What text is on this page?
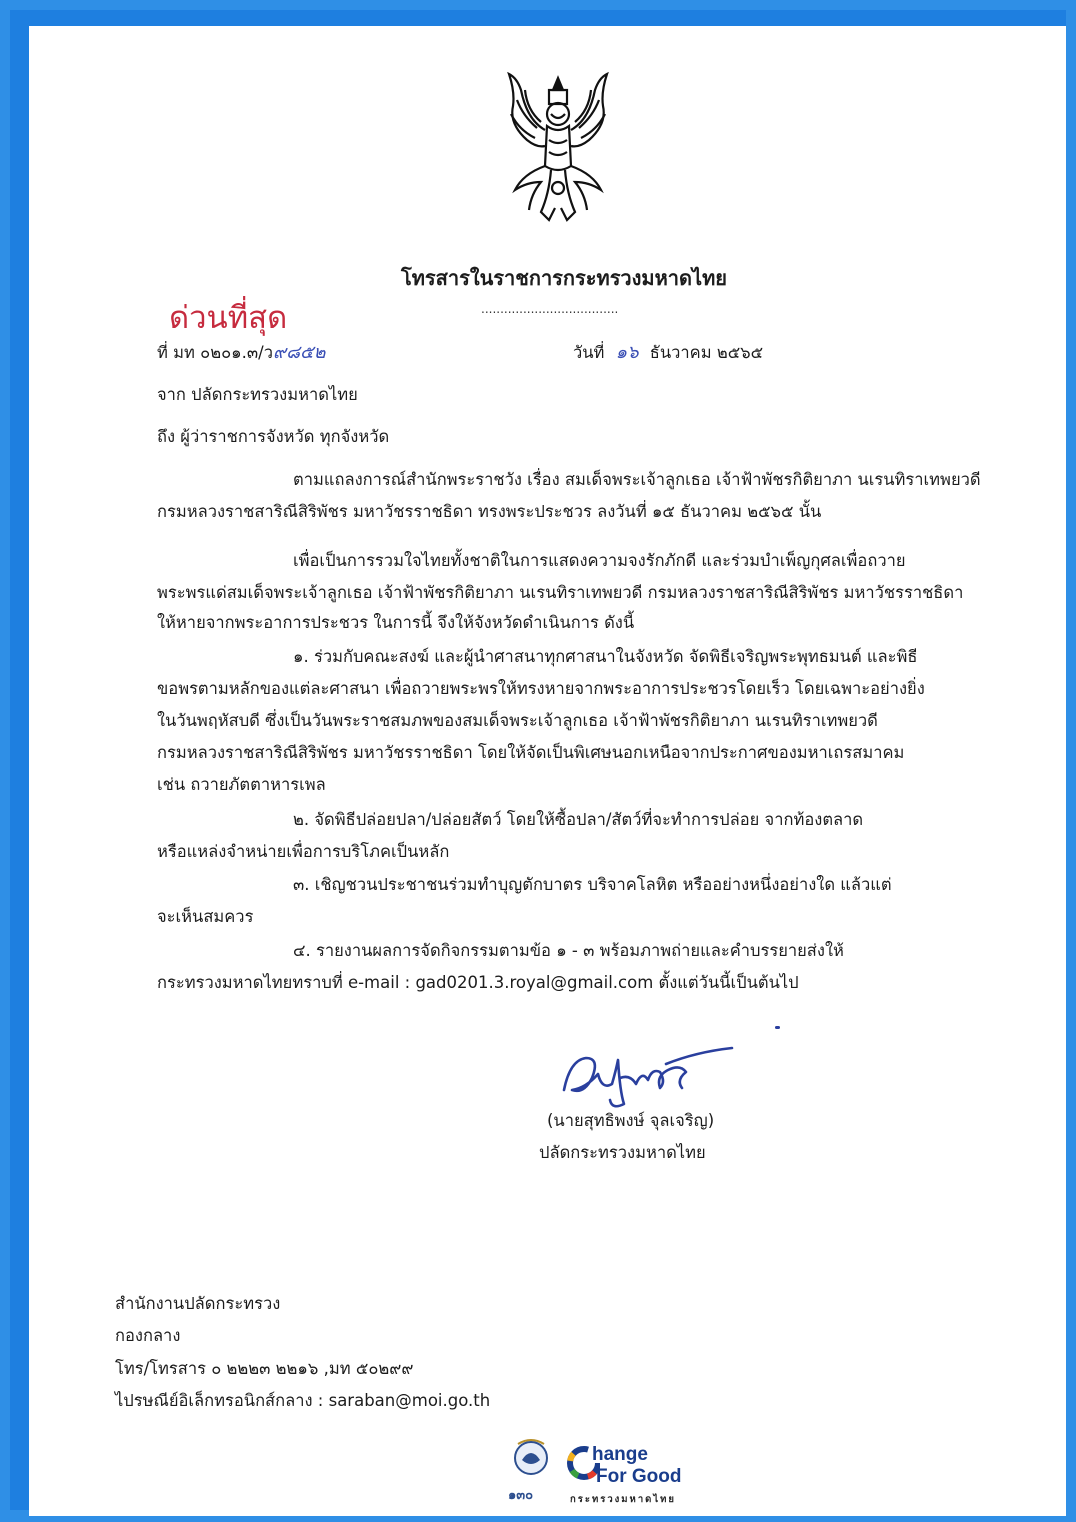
โทรสารในราชการกระทรวงมหาดไทย
....................................
ด่วนที่สุด
ที่ มท ๐๒๐๑.๓/ว๙๘๕๒	วันที่ ๑๖ ธันวาคม ๒๕๖๕
จาก ปลัดกระทรวงมหาดไทย
ถึง ผู้ว่าราชการจังหวัด ทุกจังหวัด
ตามแถลงการณ์สำนักพระราชวัง เรื่อง สมเด็จพระเจ้าลูกเธอ เจ้าฟ้าพัชรกิติยาภา นเรนทิราเทพยวดี
กรมหลวงราชสาริณีสิริพัชร มหาวัชรราชธิดา ทรงพระประชวร ลงวันที่ ๑๕ ธันวาคม ๒๕๖๕ นั้น
เพื่อเป็นการรวมใจไทยทั้งชาติในการแสดงความจงรักภักดี และร่วมบำเพ็ญกุศลเพื่อถวาย
พระพรแด่สมเด็จพระเจ้าลูกเธอ เจ้าฟ้าพัชรกิติยาภา นเรนทิราเทพยวดี กรมหลวงราชสาริณีสิริพัชร มหาวัชรราชธิดา
ให้หายจากพระอาการประชวร ในการนี้ จึงให้จังหวัดดำเนินการ ดังนี้
๑. ร่วมกับคณะสงฆ์ และผู้นำศาสนาทุกศาสนาในจังหวัด จัดพิธีเจริญพระพุทธมนต์ และพิธี
ขอพรตามหลักของแต่ละศาสนา เพื่อถวายพระพรให้ทรงหายจากพระอาการประชวรโดยเร็ว โดยเฉพาะอย่างยิ่ง
ในวันพฤหัสบดี ซึ่งเป็นวันพระราชสมภพของสมเด็จพระเจ้าลูกเธอ เจ้าฟ้าพัชรกิติยาภา นเรนทิราเทพยวดี
กรมหลวงราชสาริณีสิริพัชร มหาวัชรราชธิดา โดยให้จัดเป็นพิเศษนอกเหนือจากประกาศของมหาเถรสมาคม
เช่น ถวายภัตตาหารเพล
๒. จัดพิธีปล่อยปลา/ปล่อยสัตว์ โดยให้ซื้อปลา/สัตว์ที่จะทำการปล่อย จากท้องตลาด
หรือแหล่งจำหน่ายเพื่อการบริโภคเป็นหลัก
๓. เชิญชวนประชาชนร่วมทำบุญตักบาตร บริจาคโลหิต หรืออย่างหนึ่งอย่างใด แล้วแต่
จะเห็นสมควร
๔. รายงานผลการจัดกิจกรรมตามข้อ ๑ - ๓ พร้อมภาพถ่ายและคำบรรยายส่งให้
กระทรวงมหาดไทยทราบที่ e-mail : gad0201.3.royal@gmail.com ตั้งแต่วันนี้เป็นต้นไป
(นายสุทธิพงษ์ จุลเจริญ)
ปลัดกระทรวงมหาดไทย
สำนักงานปลัดกระทรวง
กองกลาง
โทร/โทรสาร ๐ ๒๒๒๓ ๒๒๑๖ ,มท ๕๐๒๙๙
ไปรษณีย์อิเล็กทรอนิกส์กลาง : saraban@moi.go.th
๑๓๐
hange
For Good
กระทรวงมหาดไทย
